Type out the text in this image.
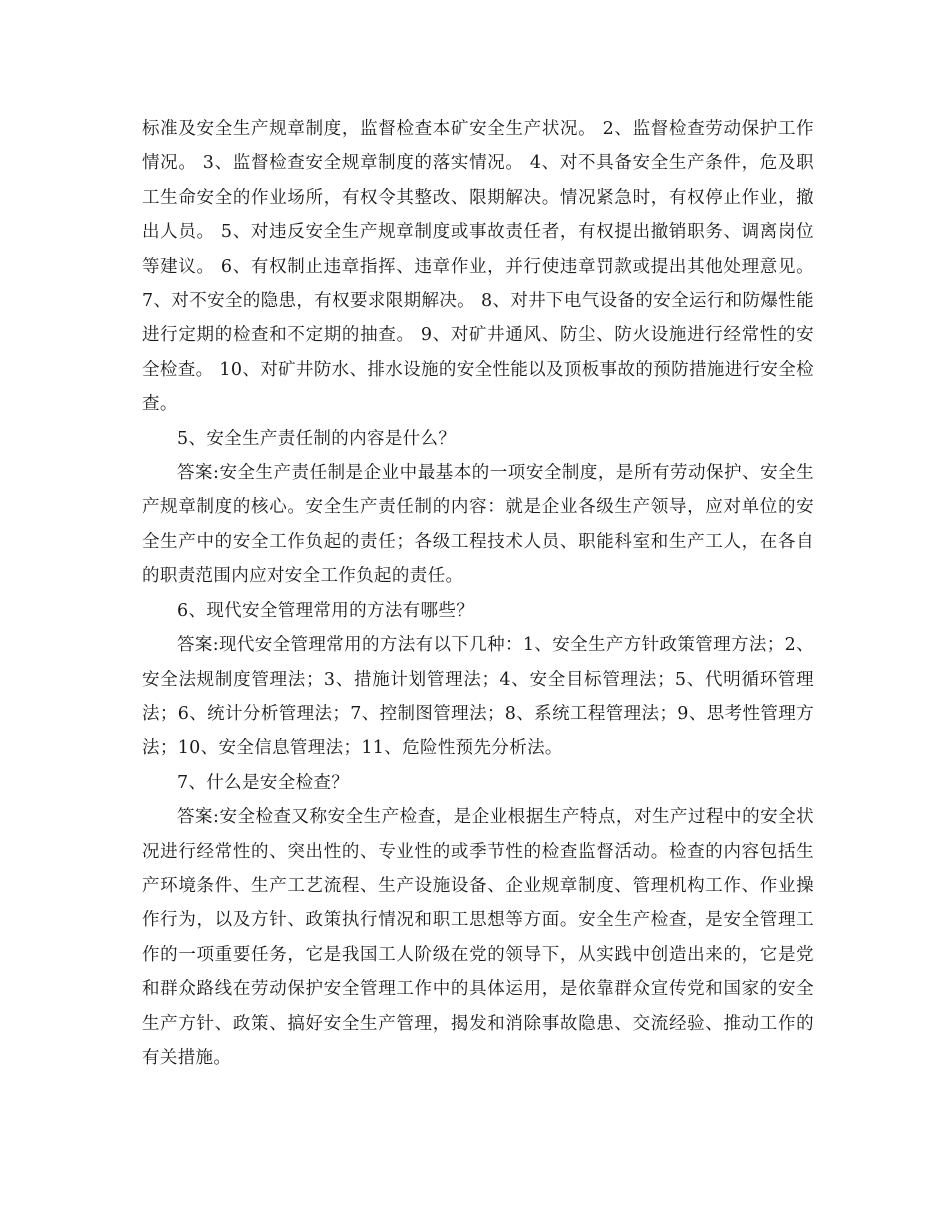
标准及安全生产规章制度，监督检查本矿安全生产状况。 2、监督检查劳动保护工作情况。 3、监督检查安全规章制度的落实情况。 4、对不具备安全生产条件，危及职工生命安全的作业场所，有权令其整改、限期解决。情况紧急时，有权停止作业，撤出人员。 5、对违反安全生产规章制度或事故责任者，有权提出撤销职务、调离岗位等建议。 6、有权制止违章指挥、违章作业，并行使违章罚款或提出其他处理意见。 7、对不安全的隐患，有权要求限期解决。 8、对井下电气设备的安全运行和防爆性能进行定期的检查和不定期的抽查。 9、对矿井通风、防尘、防火设施进行经常性的安全检查。 10、对矿井防水、排水设施的安全性能以及顶板事故的预防措施进行安全检查。

5、安全生产责任制的内容是什么？

答案:安全生产责任制是企业中最基本的一项安全制度，是所有劳动保护、安全生产规章制度的核心。安全生产责任制的内容：就是企业各级生产领导，应对单位的安全生产中的安全工作负起的责任；各级工程技术人员、职能科室和生产工人，在各自的职责范围内应对安全工作负起的责任。

6、现代安全管理常用的方法有哪些？

答案:现代安全管理常用的方法有以下几种：1、安全生产方针政策管理方法；2、安全法规制度管理法；3、措施计划管理法；4、安全目标管理法；5、代明循环管理法；6、统计分析管理法；7、控制图管理法；8、系统工程管理法；9、思考性管理方法；10、安全信息管理法；11、危险性预先分析法。

7、什么是安全检查？

答案:安全检查又称安全生产检查，是企业根据生产特点，对生产过程中的安全状况进行经常性的、突出性的、专业性的或季节性的检查监督活动。检查的内容包括生产环境条件、生产工艺流程、生产设施设备、企业规章制度、管理机构工作、作业操作行为，以及方针、政策执行情况和职工思想等方面。安全生产检查，是安全管理工作的一项重要任务，它是我国工人阶级在党的领导下，从实践中创造出来的，它是党和群众路线在劳动保护安全管理工作中的具体运用，是依靠群众宣传党和国家的安全生产方针、政策、搞好安全生产管理，揭发和消除事故隐患、交流经验、推动工作的有关措施。
